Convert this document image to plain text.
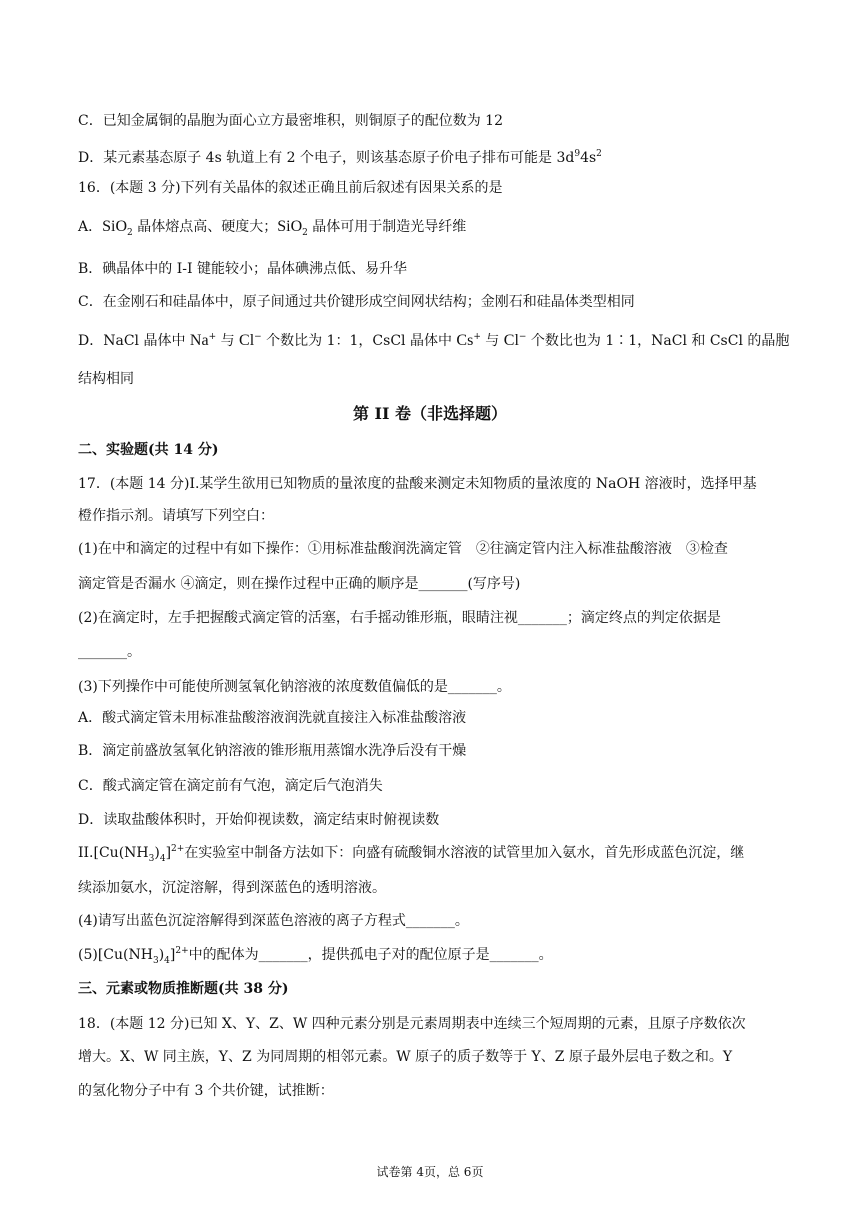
C．已知金属铜的晶胞为面心立方最密堆积，则铜原子的配位数为 12
D．某元素基态原子 4s 轨道上有 2 个电子，则该基态原子价电子排布可能是 $3d^94s^2$
16．(本题 3 分)下列有关晶体的叙述正确且前后叙述有因果关系的是
A．SiO$_2$ 晶体熔点高、硬度大；SiO$_2$ 晶体可用于制造光导纤维
B．碘晶体中的 I-I 键能较小；晶体碘沸点低、易升华
C．在金刚石和硅晶体中，原子间通过共价键形成空间网状结构；金刚石和硅晶体类型相同
D．NaCl 晶体中 Na+ 与 Cl− 个数比为 1：1，CsCl 晶体中 Cs+ 与 Cl− 个数比也为 1∶1，NaCl 和 CsCl 的晶胞
结构相同
第 II 卷（非选择题）
二、实验题(共 14 分)
17．(本题 14 分)I.某学生欲用已知物质的量浓度的盐酸来测定未知物质的量浓度的 NaOH 溶液时，选择甲基
橙作指示剂。请填写下列空白：
(1)在中和滴定的过程中有如下操作：①用标准盐酸润洗滴定管　②往滴定管内注入标准盐酸溶液　③检查
滴定管是否漏水 ④滴定，则在操作过程中正确的顺序是_______(写序号)
(2)在滴定时，左手把握酸式滴定管的活塞，右手摇动锥形瓶，眼睛注视_______；滴定终点的判定依据是
_______。
(3)下列操作中可能使所测氢氧化钠溶液的浓度数值偏低的是_______。
A．酸式滴定管未用标准盐酸溶液润洗就直接注入标准盐酸溶液
B．滴定前盛放氢氧化钠溶液的锥形瓶用蒸馏水洗净后没有干燥
C．酸式滴定管在滴定前有气泡，滴定后气泡消失
D．读取盐酸体积时，开始仰视读数，滴定结束时俯视读数
$II.[Cu(NH_3)_4]^{2+}$在实验室中制备方法如下：向盛有硫酸铜水溶液的试管里加入氨水，首先形成蓝色沉淀，继
续添加氨水，沉淀溶解，得到深蓝色的透明溶液。
(4)请写出蓝色沉淀溶解得到深蓝色溶液的离子方程式_______。
$(5)[Cu(NH_3)_4]^{2+}$中的配体为_______，提供孤电子对的配位原子是_______。
三、元素或物质推断题(共 38 分)
18．(本题 12 分)已知 X、Y、Z、W 四种元素分别是元素周期表中连续三个短周期的元素，且原子序数依次
增大。X、W 同主族，Y、Z 为同周期的相邻元素。W 原子的质子数等于 Y、Z 原子最外层电子数之和。Y
的氢化物分子中有 3 个共价键，试推断：
试卷第 4页，总 6页
